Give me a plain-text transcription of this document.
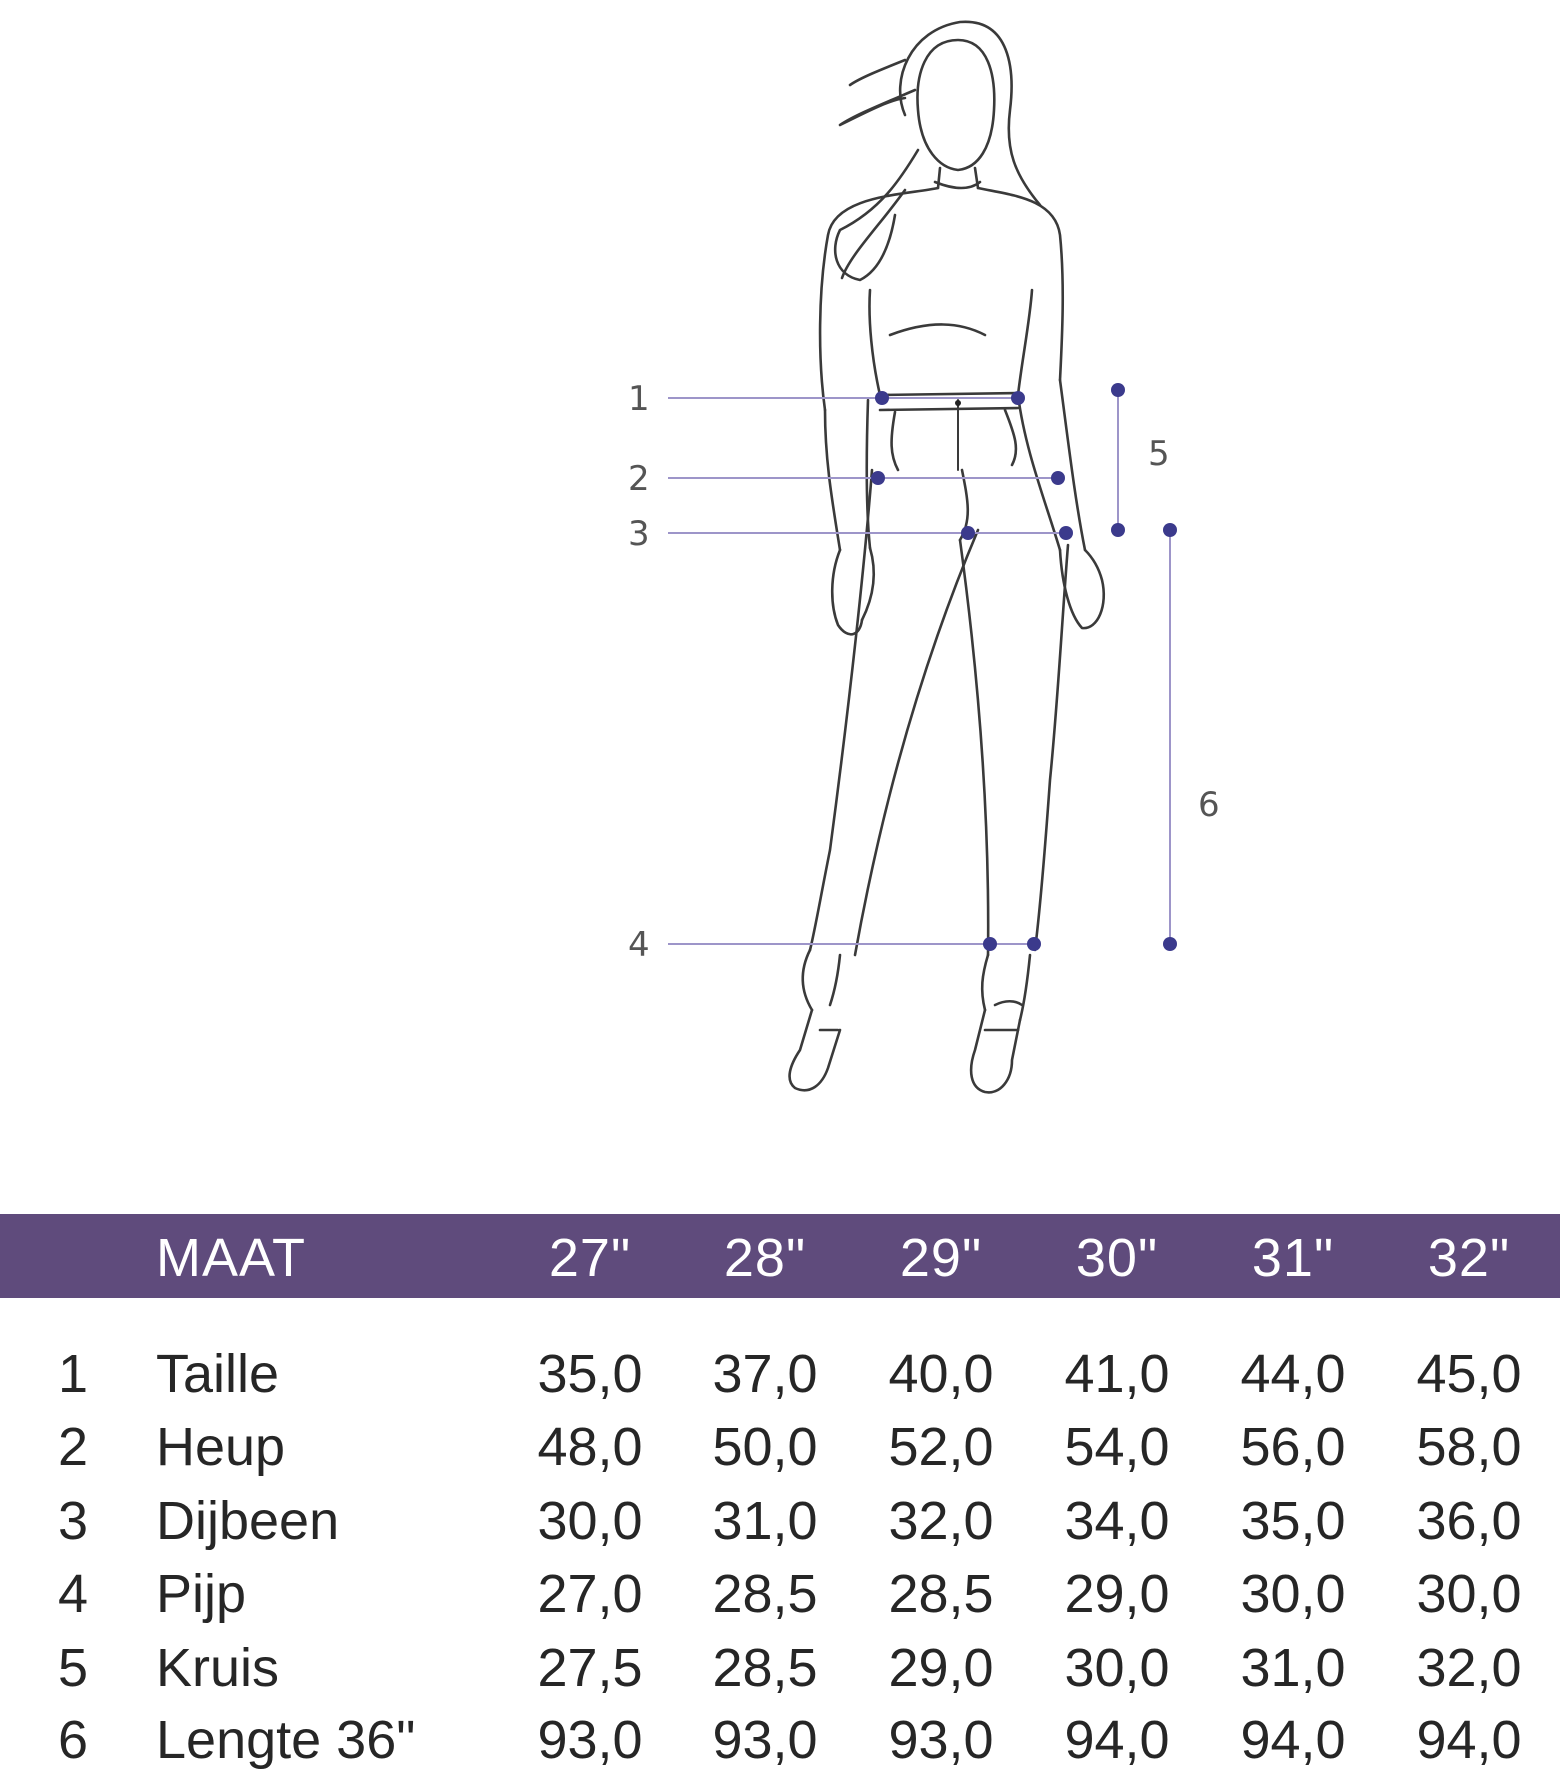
1
2
3
4
5
6
MAAT	27"	28"	29"	30"	31"	32"
1 Taille	35,0 37,0 40,0 41,0 44,0 45,0
2 Heup	48,0 50,0 52,0 54,0 56,0 58,0
3 Dijbeen	30,0 31,0 32,0 34,0 35,0 36,0
4 Pijp	27,0 28,5 28,5 29,0 30,0 30,0
5 Kruis	27,5 28,5 29,0 30,0 31,0 32,0
6 Lengte 36" 93,0 93,0 93,0 94,0 94,0 94,0
